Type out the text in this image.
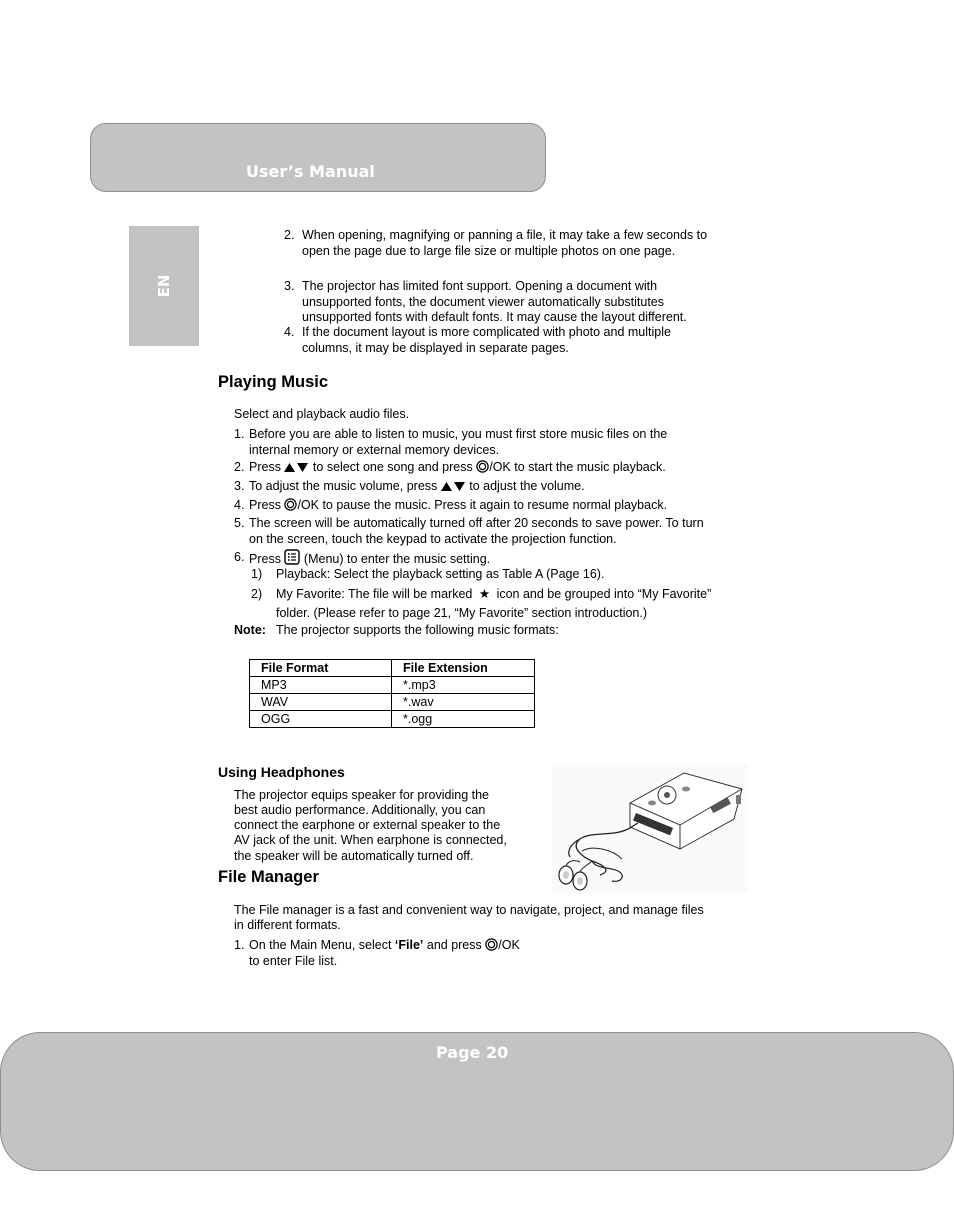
User’s Manual
EN
2. When opening, magnifying or panning a file, it may take a few seconds to
open the page due to large file size or multiple photos on one page.
3. The projector has limited font support. Opening a document with
unsupported fonts, the document viewer automatically substitutes
unsupported fonts with default fonts. It may cause the layout different.
4. If the document layout is more complicated with photo and multiple
columns, it may be displayed in separate pages.
Playing Music
Select and playback audio files.
1. Before you are able to listen to music, you must first store music files on the
internal memory or external memory devices.
2. Press	to select one song and press /OK to start the music playback.
3. To adjust the music volume, press	to adjust the volume.
4. Press /OK to pause the music. Press it again to resume normal playback.
5. The screen will be automatically turned off after 20 seconds to save power. To turn
on the screen, touch the keypad to activate the projection function.
6. Press (Menu) to enter the music setting.
1) Playback: Select the playback setting as Table A (Page 16).
2) My Favorite: The file will be marked ★ icon and be grouped into “My Favorite”
folder. (Please refer to page 21, “My Favorite” section introduction.)
Note: The projector supports the following music formats:
File Format	File Extension
MP3	*.mp3
WAV	*.wav
OGG	*.ogg
Using Headphones
The projector equips speaker for providing the
best audio performance. Additionally, you can
connect the earphone or external speaker to the
AV jack of the unit. When earphone is connected,
the speaker will be automatically turned off.
File Manager
The File manager is a fast and convenient way to navigate, project, and manage files
in different formats.
1. On the Main Menu, select ‘File’ and press /OK
to enter File list.
Page 20
